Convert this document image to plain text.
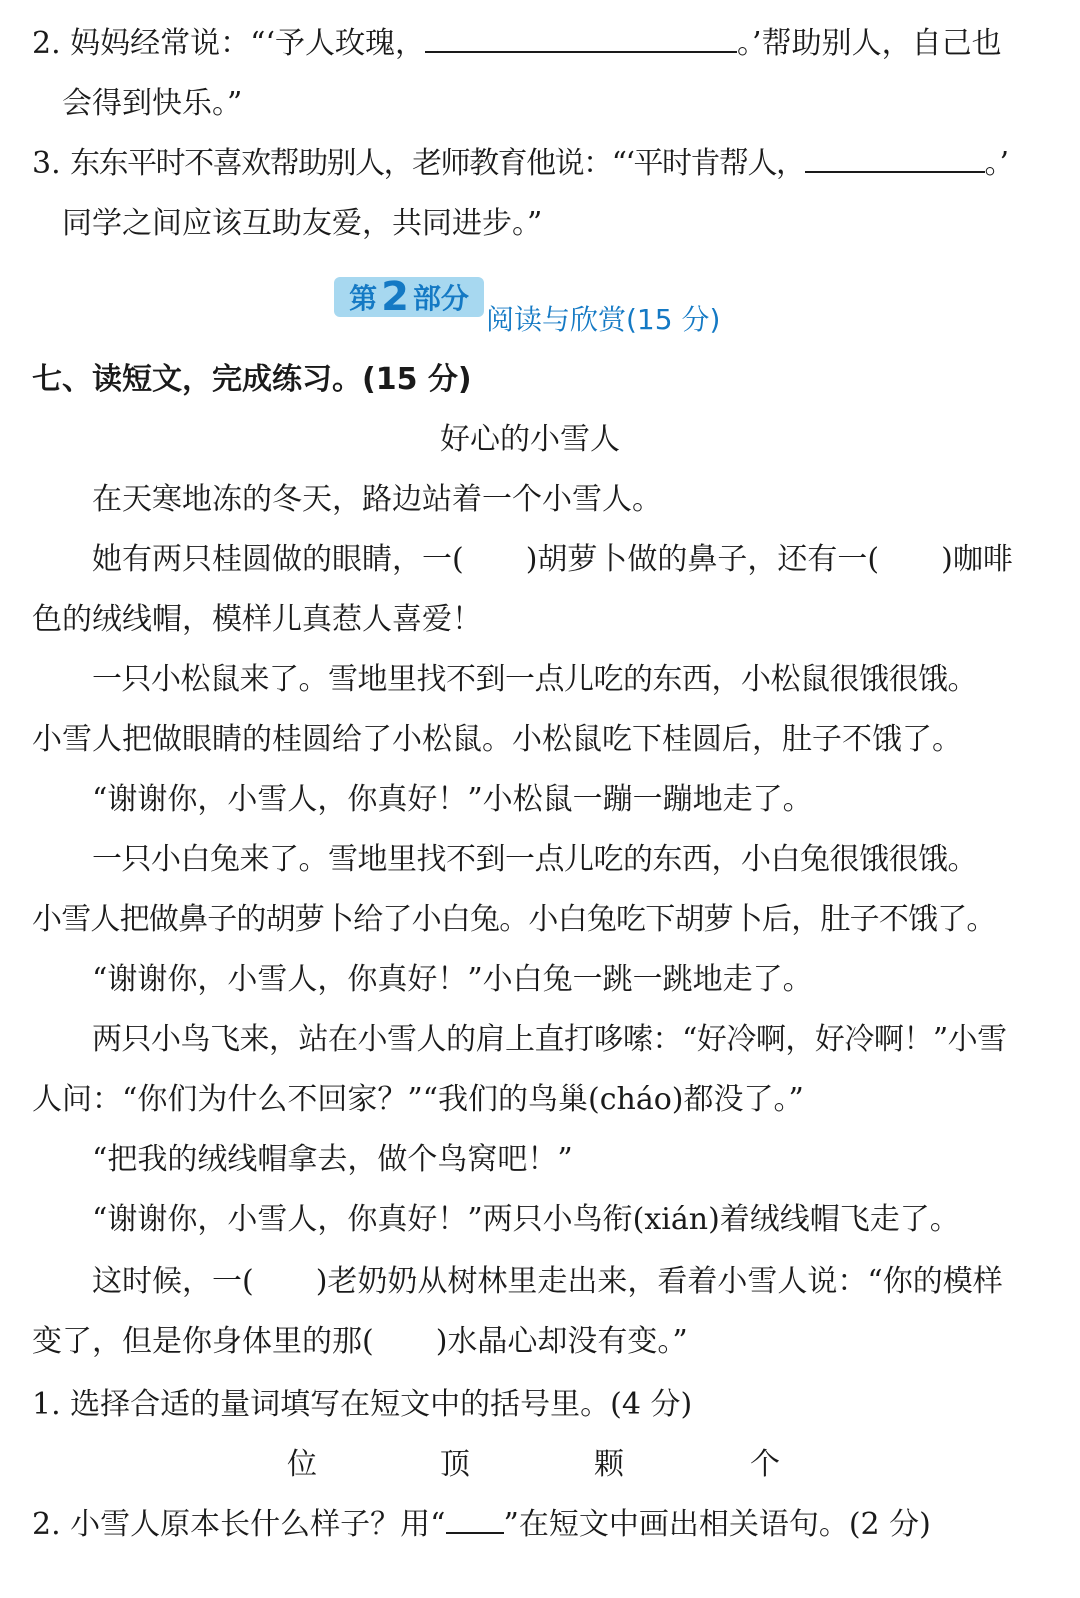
2. 妈妈经常说：“‘予人玫瑰，	。’帮助别人，自己也
会得到快乐。”
3. 东东平时不喜欢帮助别人，老师教育他说：“‘平时肯帮人，	。’
同学之间应该互助友爱，共同进步。”
第 2 部分
阅读与欣赏(15 分)
七、读短文，完成练习。(15 分)
好心的小雪人
在天寒地冻的冬天，路边站着一个小雪人。
她有两只桂圆做的眼睛，一( )胡萝卜做的鼻子，还有一( )咖啡
色的绒线帽，模样儿真惹人喜爱！
一只小松鼠来了。雪地里找不到一点儿吃的东西，小松鼠很饿很饿。
小雪人把做眼睛的桂圆给了小松鼠。小松鼠吃下桂圆后，肚子不饿了。
“谢谢你，小雪人，你真好！”小松鼠一蹦一蹦地走了。
一只小白兔来了。雪地里找不到一点儿吃的东西，小白兔很饿很饿。
小雪人把做鼻子的胡萝卜给了小白兔。小白兔吃下胡萝卜后，肚子不饿了。
“谢谢你，小雪人，你真好！”小白兔一跳一跳地走了。
两只小鸟飞来，站在小雪人的肩上直打哆嗦：“好冷啊，好冷啊！”小雪
人问：“你们为什么不回家？”“我们的鸟巢(cháo)都没了。”
“把我的绒线帽拿去，做个鸟窝吧！”
“谢谢你，小雪人，你真好！”两只小鸟衔(xián)着绒线帽飞走了。
这时候，一( )老奶奶从树林里走出来，看着小雪人说：“你的模样
变了，但是你身体里的那( )水晶心却没有变。”
1. 选择合适的量词填写在短文中的括号里。(4 分)
位	顶	颗	个
2. 小雪人原本长什么样子？用“ ”在短文中画出相关语句。(2 分)
